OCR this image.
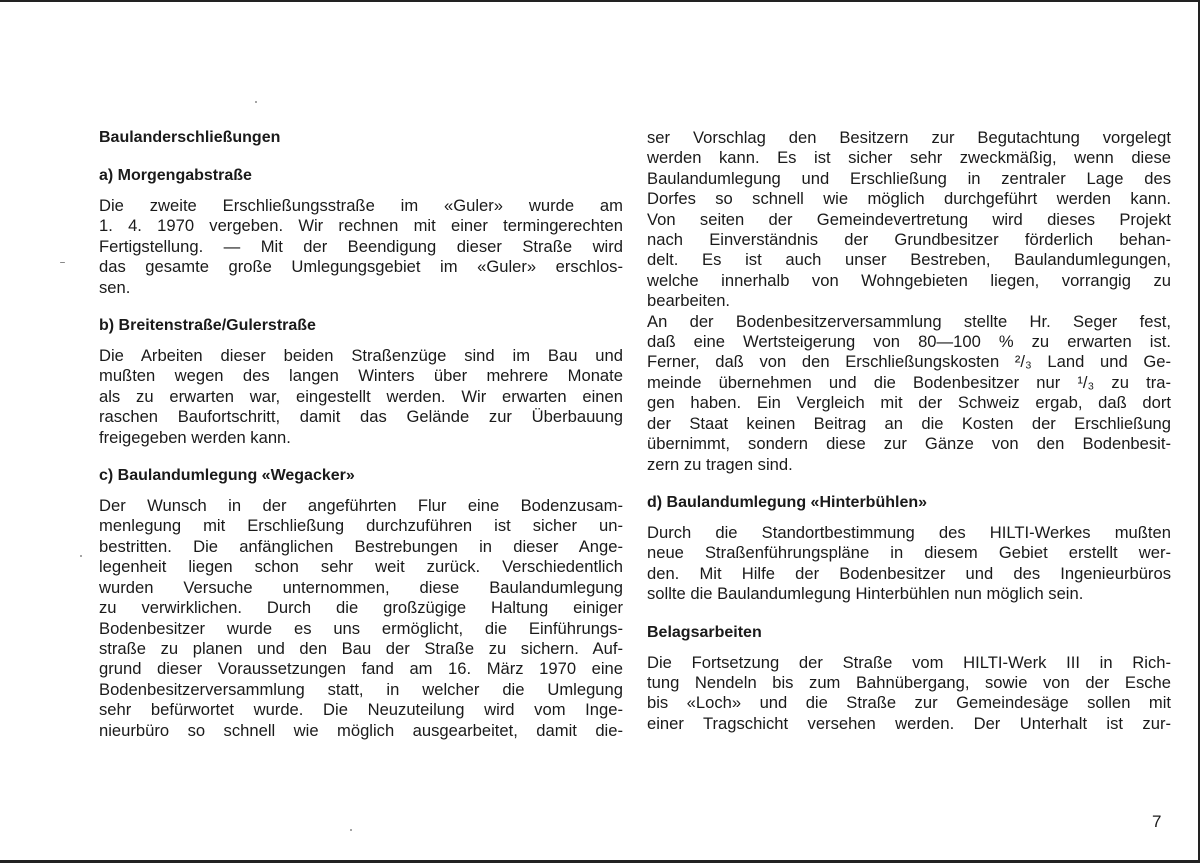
Baulanderschließungen
a) Morgengabstraße
Die zweite Erschließungsstraße im «Guler» wurde am
1. 4. 1970 vergeben. Wir rechnen mit einer termingerechten
Fertigstellung. — Mit der Beendigung dieser Straße wird
das gesamte große Umlegungsgebiet im «Guler» erschlos-
sen.
b) Breitenstraße/Gulerstraße
Die Arbeiten dieser beiden Straßenzüge sind im Bau und
mußten wegen des langen Winters über mehrere Monate
als zu erwarten war, eingestellt werden. Wir erwarten einen
raschen Baufortschritt, damit das Gelände zur Überbauung
freigegeben werden kann.
c) Baulandumlegung «Wegacker»
Der Wunsch in der angeführten Flur eine Bodenzusam-
menlegung mit Erschließung durchzuführen ist sicher un-
bestritten. Die anfänglichen Bestrebungen in dieser Ange-
legenheit liegen schon sehr weit zurück. Verschiedentlich
wurden Versuche unternommen, diese Baulandumlegung
zu verwirklichen. Durch die großzügige Haltung einiger
Bodenbesitzer wurde es uns ermöglicht, die Einführungs-
straße zu planen und den Bau der Straße zu sichern. Auf-
grund dieser Voraussetzungen fand am 16. März 1970 eine
Bodenbesitzerversammlung statt, in welcher die Umlegung
sehr befürwortet wurde. Die Neuzuteilung wird vom Inge-
nieurbüro so schnell wie möglich ausgearbeitet, damit die-
ser Vorschlag den Besitzern zur Begutachtung vorgelegt
werden kann. Es ist sicher sehr zweckmäßig, wenn diese
Baulandumlegung und Erschließung in zentraler Lage des
Dorfes so schnell wie möglich durchgeführt werden kann.
Von seiten der Gemeindevertretung wird dieses Projekt
nach Einverständnis der Grundbesitzer förderlich behan-
delt. Es ist auch unser Bestreben, Baulandumlegungen,
welche innerhalb von Wohngebieten liegen, vorrangig zu
bearbeiten.
An der Bodenbesitzerversammlung stellte Hr. Seger fest,
daß eine Wertsteigerung von 80—100 % zu erwarten ist.
Ferner, daß von den Erschließungskosten ²/₃ Land und Ge-
meinde übernehmen und die Bodenbesitzer nur ¹/₃ zu tra-
gen haben. Ein Vergleich mit der Schweiz ergab, daß dort
der Staat keinen Beitrag an die Kosten der Erschließung
übernimmt, sondern diese zur Gänze von den Bodenbesit-
zern zu tragen sind.
d) Baulandumlegung «Hinterbühlen»
Durch die Standortbestimmung des HILTI-Werkes mußten
neue Straßenführungspläne in diesem Gebiet erstellt wer-
den. Mit Hilfe der Bodenbesitzer und des Ingenieurbüros
sollte die Baulandumlegung Hinterbühlen nun möglich sein.
Belagsarbeiten
Die Fortsetzung der Straße vom HILTI-Werk III in Rich-
tung Nendeln bis zum Bahnübergang, sowie von der Esche
bis «Loch» und die Straße zur Gemeindesäge sollen mit
einer Tragschicht versehen werden. Der Unterhalt ist zur-
7
